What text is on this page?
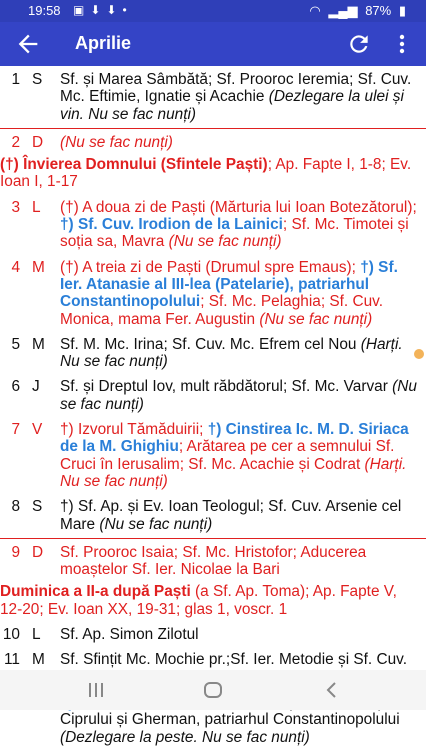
19:58 ▣⬇⬇•	◠ ▂▄▆ 87% ▮
Aprilie
1 S	Sf. și Marea Sâmbătă; Sf. Prooroc Ieremia; Sf. Cuv. Mc. Eftimie, Ignatie și Acachie (Dezlegare la ulei și vin. Nu se fac nunți)
2 D	(Nu se fac nunți)
(†) Învierea Domnului (Sfintele Paști); Ap. Fapte I, 1-8; Ev. Ioan I, 1-17
3 L	(†) A doua zi de Paști (Mărturia lui Ioan Botezătorul); †) Sf. Cuv. Irodion de la Lainici; Sf. Mc. Timotei și soția sa, Mavra (Nu se fac nunți)
4 M (†) A treia zi de Paști (Drumul spre Emaus); †) Sf. Ier. Atanasie al III-lea (Patelarie), patriarhul Constantinopolului; Sf. Mc. Pelaghia; Sf. Cuv. Monica, mama Fer. Augustin (Nu se fac nunți)
5 M Sf. M. Mc. Irina; Sf. Cuv. Mc. Efrem cel Nou (Harți. Nu se fac nunți)
6 J	Sf. și Dreptul Iov, mult răbdătorul; Sf. Mc. Varvar (Nu se fac nunți)
7 V	†) Izvorul Tămăduirii; †) Cinstirea Ic. M. D. Siriaca de la M. Ghighiu; Arătarea pe cer a semnului Sf. Cruci în Ierusalim; Sf. Mc. Acachie și Codrat (Harți. Nu se fac nunți)
8 S	†) Sf. Ap. și Ev. Ioan Teologul; Sf. Cuv. Arsenie cel Mare (Nu se fac nunți)
9 D	Sf. Prooroc Isaia; Sf. Mc. Hristofor; Aducerea moaștelor Sf. Ier. Nicolae la Bari
Duminica a II-a după Paști (a Sf. Ap. Toma); Ap. Fapte V, 12-20; Ev. Ioan XX, 19-31; glas 1, voscr. 1
10 L	Sf. Ap. Simon Zilotul
11 M Sf. Sfințit Mc. Mochie pr.;Sf. Ier. Metodie și Sf. Cuv.
Ciprului și Gherman, patriarhul Constantinopolului (Dezlegare la peste. Nu se fac nunți)
